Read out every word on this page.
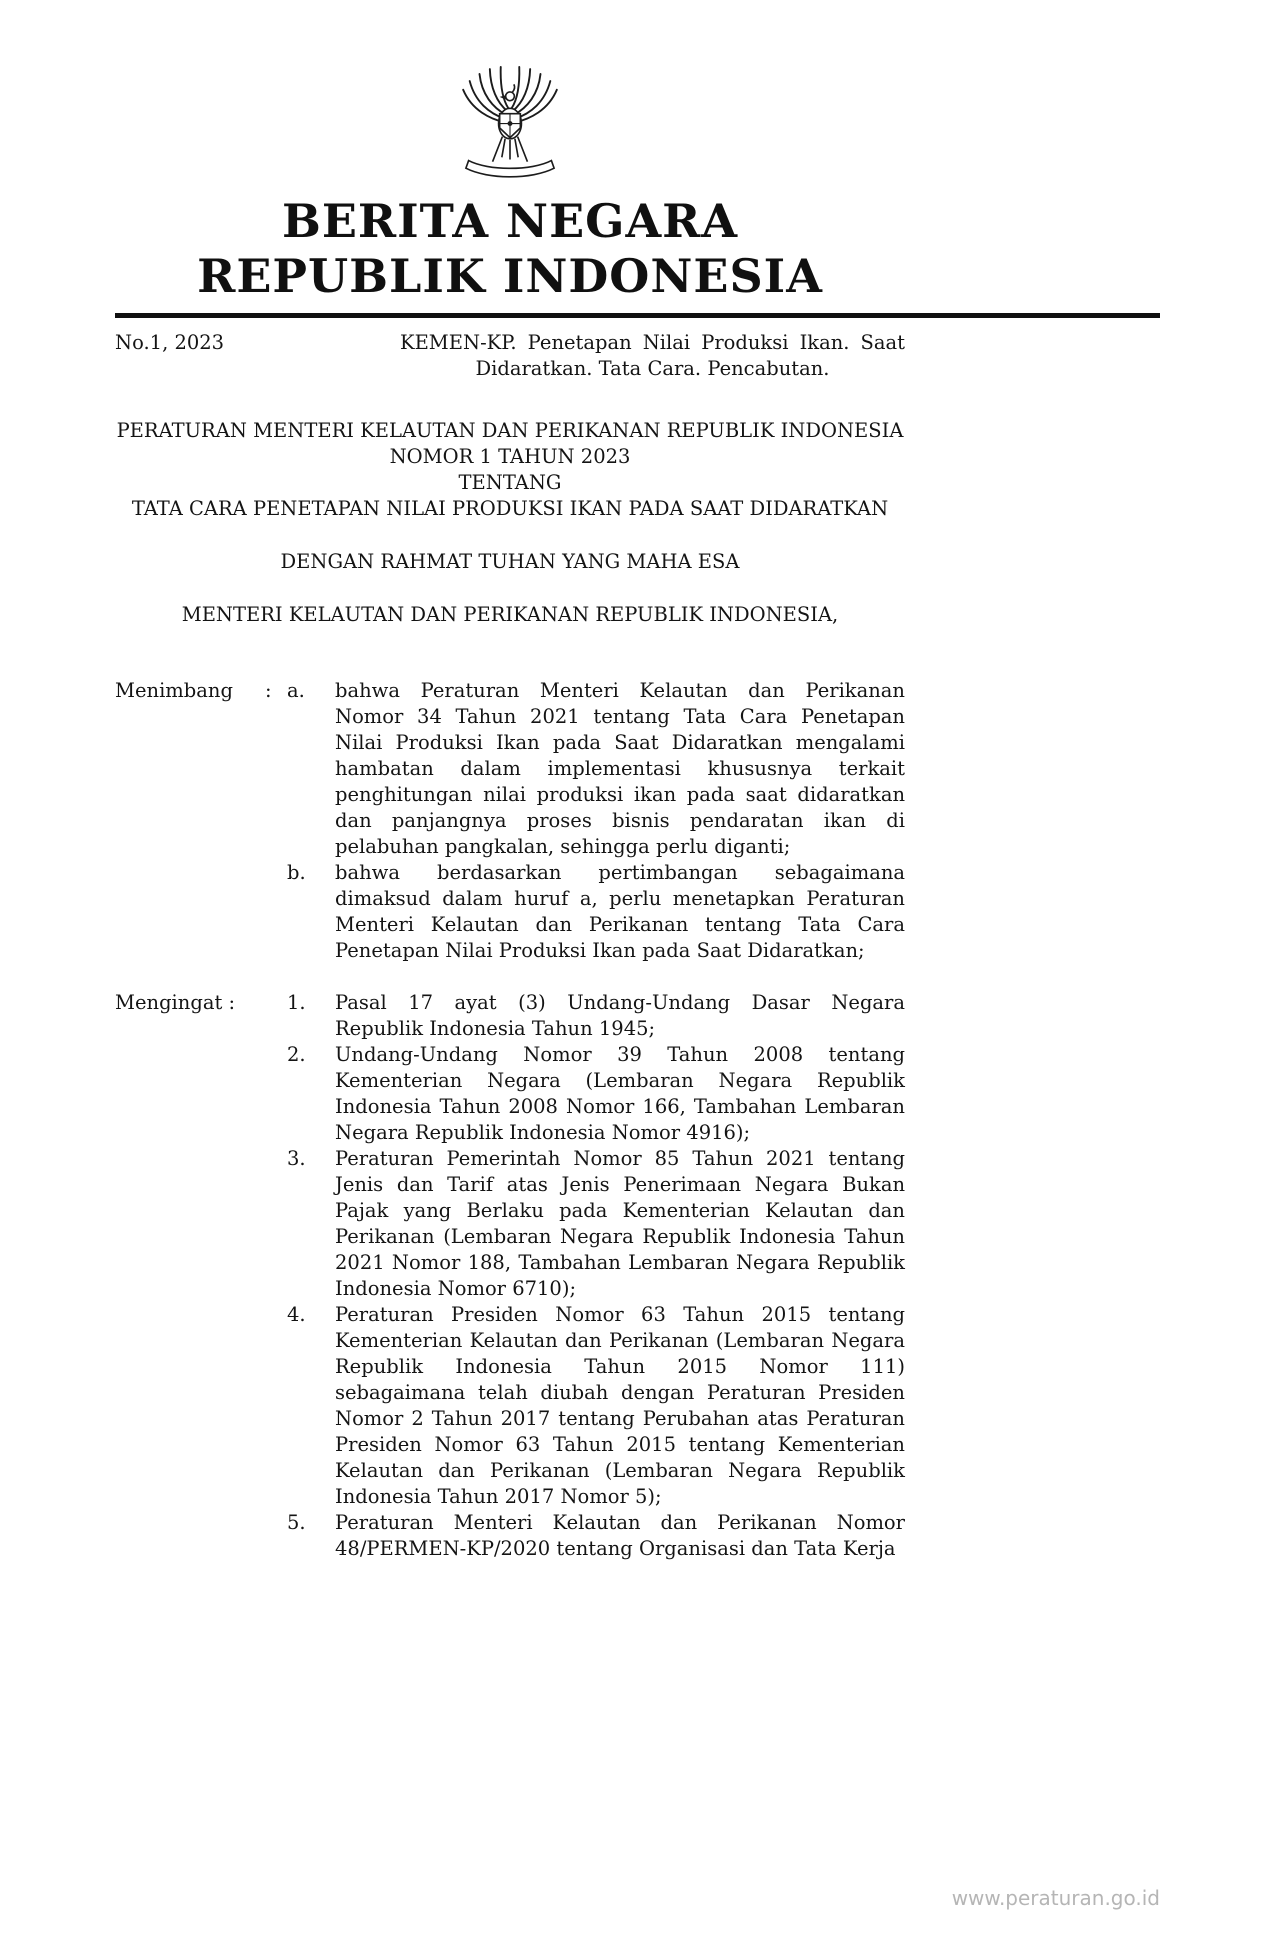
BERITA NEGARA
REPUBLIK INDONESIA
No.1, 2023	KEMEN-KP. Penetapan Nilai Produksi Ikan. Saat Didaratkan. Tata Cara. Pencabutan.
PERATURAN MENTERI KELAUTAN DAN PERIKANAN REPUBLIK INDONESIA
NOMOR 1 TAHUN 2023
TENTANG
TATA CARA PENETAPAN NILAI PRODUKSI IKAN PADA SAAT DIDARATKAN
DENGAN RAHMAT TUHAN YANG MAHA ESA
MENTERI KELAUTAN DAN PERIKANAN REPUBLIK INDONESIA,
Menimbang	: a.	bahwa Peraturan Menteri Kelautan dan Perikanan Nomor 34 Tahun 2021 tentang Tata Cara Penetapan Nilai Produksi Ikan pada Saat Didaratkan mengalami hambatan dalam implementasi khususnya terkait penghitungan nilai produksi ikan pada saat didaratkan dan panjangnya proses bisnis pendaratan ikan di pelabuhan pangkalan, sehingga perlu diganti;
b.	bahwa berdasarkan pertimbangan sebagaimana dimaksud dalam huruf a, perlu menetapkan Peraturan Menteri Kelautan dan Perikanan tentang Tata Cara Penetapan Nilai Produksi Ikan pada Saat Didaratkan;
Mengingat :	1.	Pasal 17 ayat (3) Undang-Undang Dasar Negara Republik Indonesia Tahun 1945;
2.	Undang-Undang Nomor 39 Tahun 2008 tentang Kementerian Negara (Lembaran Negara Republik Indonesia Tahun 2008 Nomor 166, Tambahan Lembaran Negara Republik Indonesia Nomor 4916);
3.	Peraturan Pemerintah Nomor 85 Tahun 2021 tentang Jenis dan Tarif atas Jenis Penerimaan Negara Bukan Pajak yang Berlaku pada Kementerian Kelautan dan Perikanan (Lembaran Negara Republik Indonesia Tahun 2021 Nomor 188, Tambahan Lembaran Negara Republik Indonesia Nomor 6710);
4.	Peraturan Presiden Nomor 63 Tahun 2015 tentang Kementerian Kelautan dan Perikanan (Lembaran Negara Republik Indonesia Tahun 2015 Nomor 111) sebagaimana telah diubah dengan Peraturan Presiden Nomor 2 Tahun 2017 tentang Perubahan atas Peraturan Presiden Nomor 63 Tahun 2015 tentang Kementerian Kelautan dan Perikanan (Lembaran Negara Republik Indonesia Tahun 2017 Nomor 5);
5.	Peraturan Menteri Kelautan dan Perikanan Nomor 48/PERMEN-KP/2020 tentang Organisasi dan Tata Kerja
www.peraturan.go.id
